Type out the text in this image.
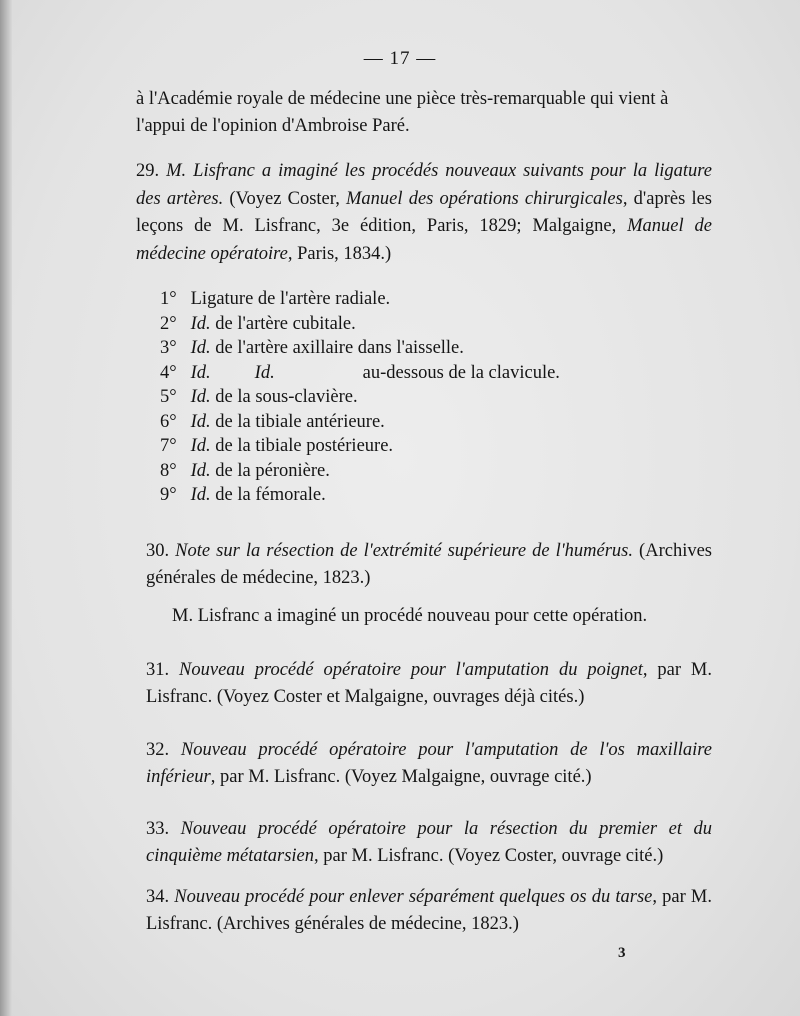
— 17 —

à l'Académie royale de médecine une pièce très-remarquable qui vient à

l'appui de l'opinion d'Ambroise Paré.

29. M. Lisfranc a imaginé les procédés nouveaux suivants pour la ligature des artères. (Voyez Coster, Manuel des opérations chirurgicales, d'après les leçons de M. Lisfranc, 3e édition, Paris, 1829; Malgaigne, Manuel de médecine opératoire, Paris, 1834.)
1° Ligature de l'artère radiale.
2° Id. de l'artère cubitale.
3° Id. de l'artère axillaire dans l'aisselle.
4° Id. Id.	au-dessous de la clavicule.
5° Id. de la sous-clavière.
6° Id. de la tibiale antérieure.
7° Id. de la tibiale postérieure.
8° Id. de la péronière.
9° Id. de la fémorale.
30. Note sur la résection de l'extrémité supérieure de l'humérus. (Archives générales de médecine, 1823.)
M. Lisfranc a imaginé un procédé nouveau pour cette opération.
31. Nouveau procédé opératoire pour l'amputation du poignet, par M. Lisfranc. (Voyez Coster et Malgaigne, ouvrages déjà cités.)
32. Nouveau procédé opératoire pour l'amputation de l'os maxillaire inférieur, par M. Lisfranc. (Voyez Malgaigne, ouvrage cité.)
33. Nouveau procédé opératoire pour la résection du premier et du cinquième métatarsien, par M. Lisfranc. (Voyez Coster, ouvrage cité.)
34. Nouveau procédé pour enlever séparément quelques os du tarse, par M. Lisfranc. (Archives générales de médecine, 1823.)
3
